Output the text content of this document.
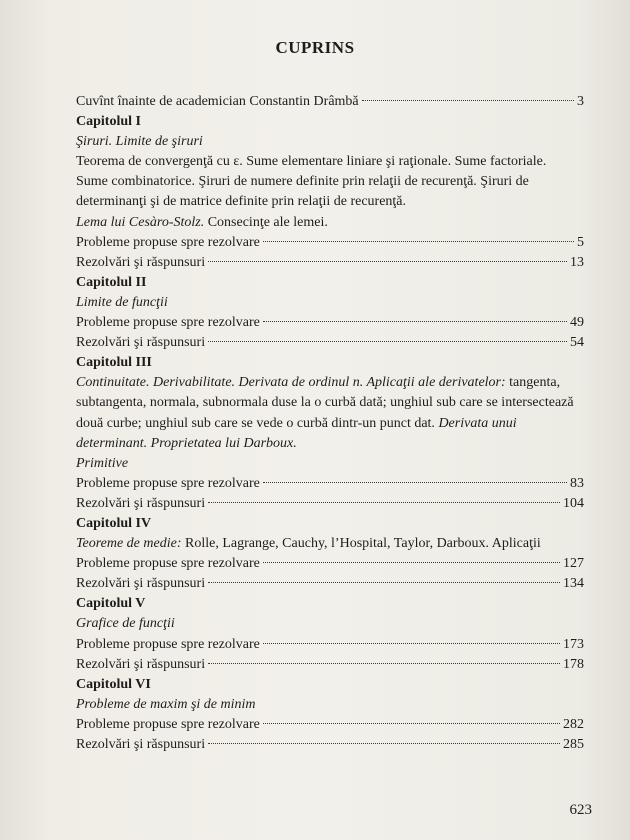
CUPRINS
Cuvînt înainte de academician Constantin Drâmbă	3
Capitolul I
Şiruri. Limite de şiruri
Teorema de convergenţă cu ε. Sume elementare liniare şi raţionale. Sume factoriale. Sume combinatorice. Şiruri de numere definite prin relaţii de recurenţă. Şiruri de determinanţi şi de matrice definite prin relaţii de recurenţă.
Lema lui Cesàro-Stolz. Consecinţe ale lemei.
Probleme propuse spre rezolvare	5
Rezolvări şi răspunsuri	13
Capitolul II
Limite de funcţii
Probleme propuse spre rezolvare	49
Rezolvări şi răspunsuri	54
Capitolul III
Continuitate. Derivabilitate. Derivata de ordinul n. Aplicaţii ale derivatelor: tangenta, subtangenta, normala, subnormala duse la o curbă dată; unghiul sub care se intersectează două curbe; unghiul sub care se vede o curbă dintr-un punct dat. Derivata unui determinant. Proprietatea lui Darboux.
Primitive
Probleme propuse spre rezolvare	83
Rezolvări şi răspunsuri	104
Capitolul IV
Teoreme de medie: Rolle, Lagrange, Cauchy, l’Hospital, Taylor, Darboux. Aplicaţii
Probleme propuse spre rezolvare	127
Rezolvări şi răspunsuri	134
Capitolul V
Grafice de funcţii
Probleme propuse spre rezolvare	173
Rezolvări şi răspunsuri	178
Capitolul VI
Probleme de maxim şi de minim
Probleme propuse spre rezolvare	282
Rezolvări şi răspunsuri	285
623
